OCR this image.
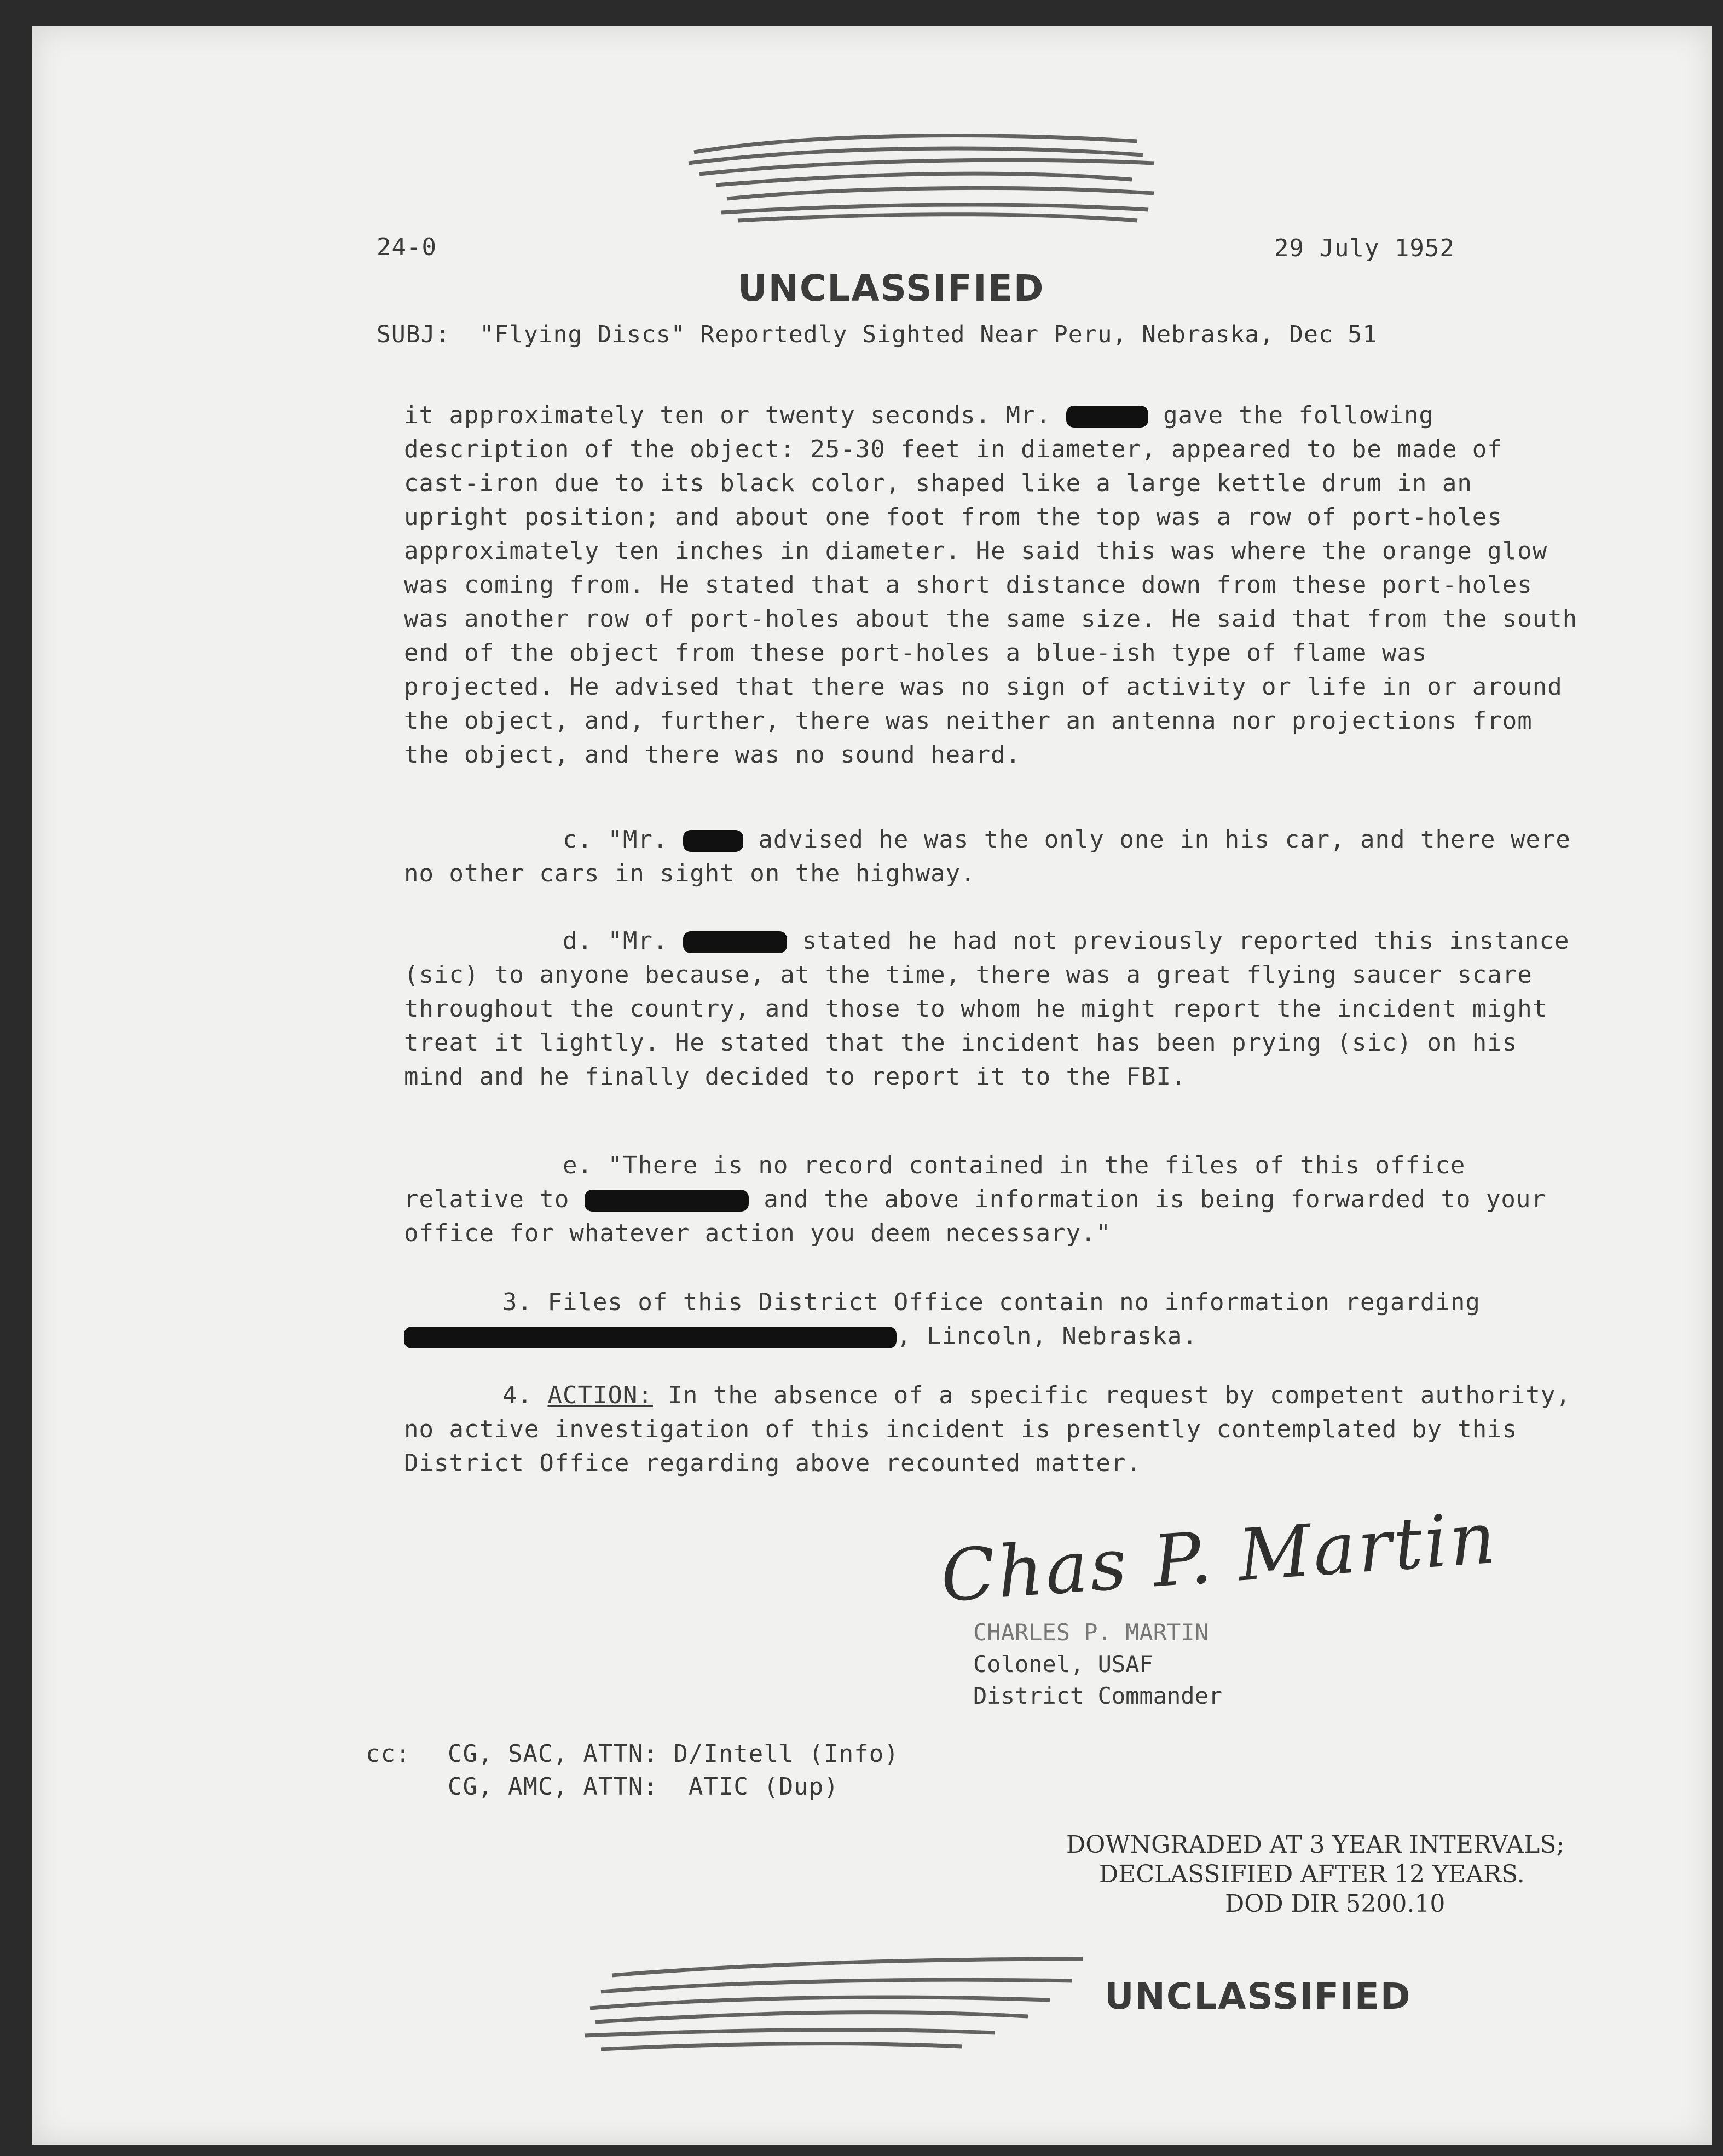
24-0	29 July 1952
UNCLASSIFIED
SUBJ:  "Flying Discs" Reportedly Sighted Near Peru, Nebraska, Dec 51

it approximately ten or twenty seconds. Mr.	gave the following description of the object: 25-30 feet in diameter, appeared to be made of cast-iron due to its black color, shaped like a large kettle drum in an upright position; and about one foot from the top was a row of port-holes approximately ten inches in diameter. He said this was where the orange glow was coming from. He stated that a short distance down from these port-holes was another row of port-holes about the same size. He said that from the south end of the object from these port-holes a blue-ish type of flame was projected. He advised that there was no sign of activity or life in or around the object, and, further, there was neither an antenna nor projections from the object, and there was no sound heard.

c. "Mr.	advised he was the only one in his car, and there were no other cars in sight on the highway.

d. "Mr.	stated he had not previously reported this instance (sic) to anyone because, at the time, there was a great flying saucer scare throughout the country, and those to whom he might report the incident might treat it lightly. He stated that the incident has been prying (sic) on his mind and he finally decided to report it to the FBI.

e. "There is no record contained in the files of this office relative to	and the above information is being forwarded to your office for whatever action you deem necessary."

3. Files of this District Office contain no information regarding , Lincoln, Nebraska.

4. ACTION: In the absence of a specific request by competent authority, no active investigation of this incident is presently contemplated by this District Office regarding above recounted matter.

Chas P. Martin
CHARLES P. MARTIN
Colonel, USAF
District Commander
cc: CG, SAC, ATTN: D/Intell (Info)
CG, AMC, ATTN:  ATIC (Dup)
DOWNGRADED AT 3 YEAR INTERVALS;
DECLASSIFIED AFTER 12 YEARS.
DOD DIR 5200.10
UNCLASSIFIED
